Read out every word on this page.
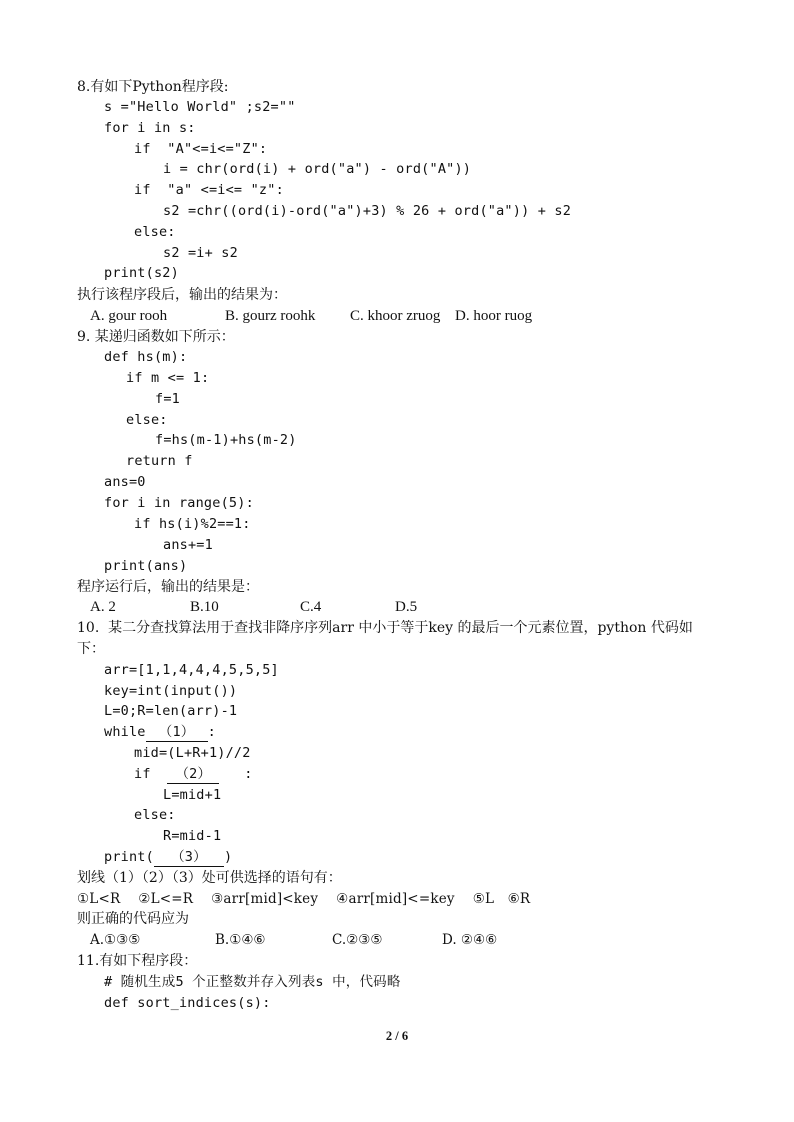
8.有如下Python程序段:
s ="Hello World" ;s2=""
for i in s:
if  "A"<=i<="Z":
i = chr(ord(i) + ord("a") - ord("A"))
if  "a" <=i<= "z":
s2 =chr((ord(i)-ord("a")+3) % 26 + ord("a")) + s2
else:
s2 =i+ s2
print(s2)
执行该程序段后，输出的结果为：
A. gour rooh	B. gourz roohk C. khoor zruog D. hoor ruog
9. 某递归函数如下所示：
def hs(m):
if m <= 1:
f=1
else:
f=hs(m-1)+hs(m-2)
return f
ans=0
for i in range(5):
if hs(i)%2==1:
ans+=1
print(ans)
程序运行后，输出的结果是：
A. 2	B.10	C.4	D.5
10.  某二分查找算法用于查找非降序序列arr 中小于等于key 的最后一个元素位置，python 代码如
下：
arr=[1,1,4,4,4,5,5,5]
key=int(input())
L=0;R=len(arr)-1
while （1） :
mid=(L+R+1)//2
if （2） :
L=mid+1
else:
R=mid-1
print( （3） )
划线（1）（2）（3）处可供选择的语句有：
①L<R    ②L<=R    ③arr[mid]<key    ④arr[mid]<=key    ⑤L   ⑥R
则正确的代码应为
A.①③⑤	B.①④⑥	C.②③⑤	D. ②④⑥
11.有如下程序段：
# 随机生成5 个正整数并存入列表s 中，代码略
def sort_indices(s):
2 / 6
